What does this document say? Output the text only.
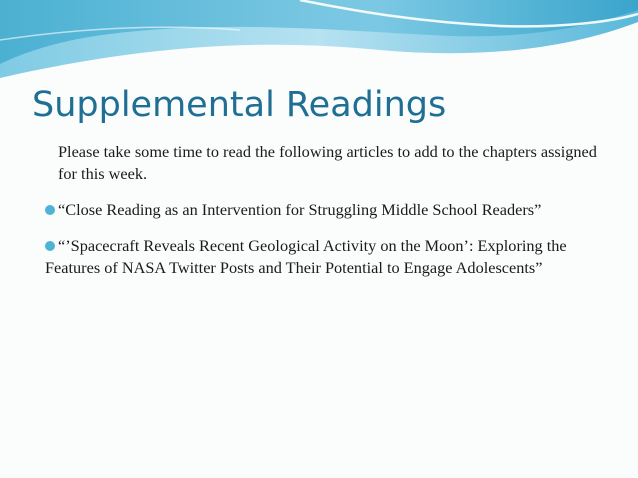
Supplemental Readings

Please take some time to read the following articles to add to the chapters assigned for this week.

“Close Reading as an Intervention for Struggling Middle School Readers”

“’Spacecraft Reveals Recent Geological Activity on the Moon’: Exploring the Features of NASA Twitter Posts and Their Potential to Engage Adolescents”
